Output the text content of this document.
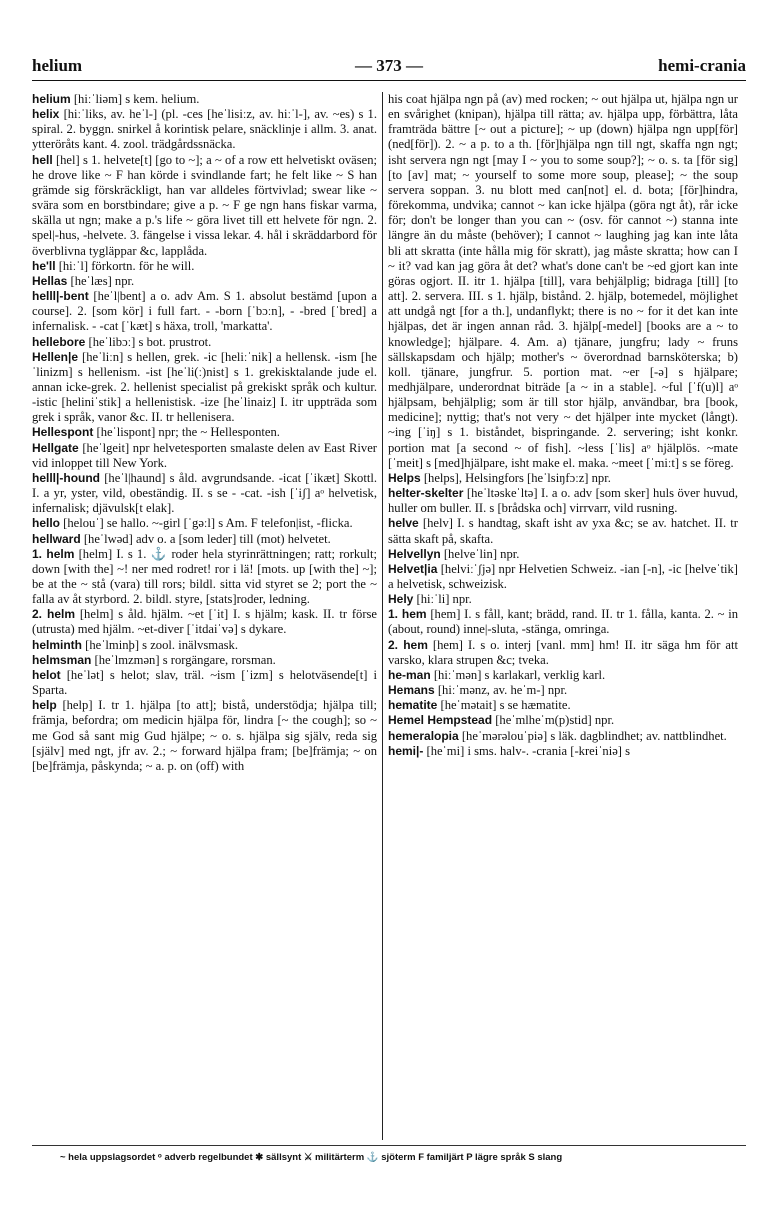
helium	— 373 —	hemi-crania

helium [hiːˈliəm] s kem. helium.

helix [hiːˈliks, av. heˈl-] (pl. -ces [heˈlisiːz, av. hiːˈl-], av. ~es) s 1. spiral. 2. byggn. snirkel å korintisk pelare, snäcklinje i allm. 3. anat. ytteröråts kant. 4. zool. trädgårdssnäcka.

hell [hel] s 1. helvete[t] [go to ~]; a ~ of a row ett helvetiskt oväsen; he drove like ~ F han körde i svindlande fart; he felt like ~ S han grämde sig förskräckligt, han var alldeles förtvivlad; swear like ~ svära som en borstbindare; give a p. ~ F ge ngn hans fiskar varma, skälla ut ngn; make a p.'s life ~ göra livet till ett helvete för ngn. 2. spel|-hus, -helvete. 3. fängelse i vissa lekar. 4. hål i skräddarbord för överblivna tygläppar &c, lapplåda.

he'll [hiːˈl] förkortn. för he will.

Hellas [heˈlæs] npr.

helll|-bent [heˈl|bent] a o. adv Am. S 1. absolut bestämd [upon a course]. 2. [som kör] i full fart. - -born [ˈbɔːn], - -bred [ˈbred] a infernalisk. - -cat [ˈkæt] s häxa, troll, 'markatta'.

hellebore [heˈlibɔː] s bot. prustrot.

Hellen|e [heˈliːn] s hellen, grek. -ic [heliːˈnik] a hellensk. -ism [heˈlinizm] s hellenism. -ist [heˈli(ː)nist] s 1. grekisktalande jude el. annan icke-grek. 2. hellenist specialist på grekiskt språk och kultur. -istic [heliniˈstik] a hellenistisk. -ize [heˈlinaiz] I. itr uppträda som grek i språk, vanor &c. II. tr hellenisera.

Hellespont [heˈlispont] npr; the ~ Hellesponten.

Hellgate [heˈlgeit] npr helvetesporten smalaste delen av East River vid inloppet till New York.

helll|-hound [heˈl|haund] s åld. avgrundsande. -icat [ˈikæt] Skottl. I. a yr, yster, vild, obeständig. II. s se - -cat. -ish [ˈiʃ] aᵒ helvetisk, infernalisk; djävulsk[t elak].

hello [helouˈ] se hallo. ~-girl [ˈgəːl] s Am. F telefon|ist, -flicka.

hellward [heˈlwəd] adv o. a [som leder] till (mot) helvetet.

1. helm [helm] I. s 1. ⚓ roder hela styrinrättningen; ratt; rorkult; down [with the] ~! ner med rodret! ror i lä! [mots. up [with the] ~]; be at the ~ stå (vara) till rors; bildl. sitta vid styret se 2; port the ~ falla av åt styrbord. 2. bildl. styre, [stats]roder, ledning.

2. helm [helm] s åld. hjälm. ~et [ˈit] I. s hjälm; kask. II. tr förse (utrusta) med hjälm. ~et-diver [ˈitdaiˈvə] s dykare.

helminth [heˈlminþ] s zool. inälvsmask.

helmsman [heˈlmzmən] s rorgängare, rorsman.

helot [heˈlət] s helot; slav, träl. ~ism [ˈizm] s helotväsende[t] i Sparta.

help [help] I. tr 1. hjälpa [to att]; bistå, understödja; hjälpa till; främja, befordra; om medicin hjälpa för, lindra [~ the cough]; so ~ me God så sant mig Gud hjälpe; ~ o. s. hjälpa sig själv, reda sig [själv] med ngt, jfr av. 2.; ~ forward hjälpa fram; [be]främja; ~ on [be]främja, påskynda; ~ a. p. on (off) with

his coat hjälpa ngn på (av) med rocken; ~ out hjälpa ut, hjälpa ngn ur en svårighet (knipan), hjälpa till rätta; av. hjälpa upp, förbättra, låta framträda bättre [~ out a picture]; ~ up (down) hjälpa ngn upp[för] (ned[för]). 2. ~ a p. to a th. [för]hjälpa ngn till ngt, skaffa ngn ngt; isht servera ngn ngt [may I ~ you to some soup?]; ~ o. s. ta [för sig] [to [av] mat; ~ yourself to some more soup, please]; ~ the soup servera soppan. 3. nu blott med can[not] el. d. bota; [för]hindra, förekomma, undvika; cannot ~ kan icke hjälpa (göra ngt åt), rår icke för; don't be longer than you can ~ (osv. för cannot ~) stanna inte längre än du måste (behöver); I cannot ~ laughing jag kan inte låta bli att skratta (inte hålla mig för skratt), jag måste skratta; how can I ~ it? vad kan jag göra åt det? what's done can't be ~ed gjort kan inte göras ogjort. II. itr 1. hjälpa [till], vara behjälplig; bidraga [till] [to att]. 2. servera. III. s 1. hjälp, bistånd. 2. hjälp, botemedel, möjlighet att undgå ngt [for a th.], undanflykt; there is no ~ for it det kan inte hjälpas, det är ingen annan råd. 3. hjälp[-medel] [books are a ~ to knowledge]; hjälpare. 4. Am. a) tjänare, jungfru; lady ~ fruns sällskapsdam och hjälp; mother's ~ överordnad barnsköterska; b) koll. tjänare, jungfrur. 5. portion mat. ~er [-ə] s hjälpare; medhjälpare, underordnat biträde [a ~ in a stable]. ~ful [ˈf(u)l] aᵒ hjälpsam, behjälplig; som är till stor hjälp, användbar, bra [book, medicine]; nyttig; that's not very ~ det hjälper inte mycket (långt). ~ing [ˈiŋ] s 1. biståndet, bispringande. 2. servering; isht konkr. portion mat [a second ~ of fish]. ~less [ˈlis] aᵒ hjälplös. ~mate [ˈmeit] s [med]hjälpare, isht make el. maka. ~meet [ˈmiːt] s se föreg.

Helps [helps], Helsingfors [heˈlsiŋfɔːz] npr.

helter-skelter [heˈltəskeˈltə] I. a o. adv [som sker] huls över huvud, huller om buller. II. s [brådska och] virrvarr, vild rusning.

helve [helv] I. s handtag, skaft isht av yxa &c; se av. hatchet. II. tr sätta skaft på, skafta.

Helvellyn [helveˈlin] npr.

Helvet|ia [helviːˈʃjə] npr Helvetien Schweiz. -ian [-n], -ic [helveˈtik] a helvetisk, schweizisk.

Hely [hiːˈli] npr.

1. hem [hem] I. s fåll, kant; brädd, rand. II. tr 1. fålla, kanta. 2. ~ in (about, round) inne|-sluta, -stänga, omringa.

2. hem [hem] I. s o. interj [vanl. mm] hm! II. itr säga hm för att varsko, klara strupen &c; tveka.

he-man [hiːˈmən] s karlakarl, verklig karl.

Hemans [hiːˈmənz, av. heˈm-] npr.

hematite [heˈmətait] s se hæmatite.

Hemel Hempstead [heˈmlheˈm(p)stid] npr.

hemeralopia [heˈmərəlouˈpiə] s läk. dagblindhet; av. nattblindhet.

hemi|- [heˈmi] i sms. halv-. -crania [-kreiˈniə] s

~ hela uppslagsordet ᵒ adverb regelbundet ✱ sällsynt ⚔ militärterm ⚓ sjöterm F familjärt P lägre språk S slang
